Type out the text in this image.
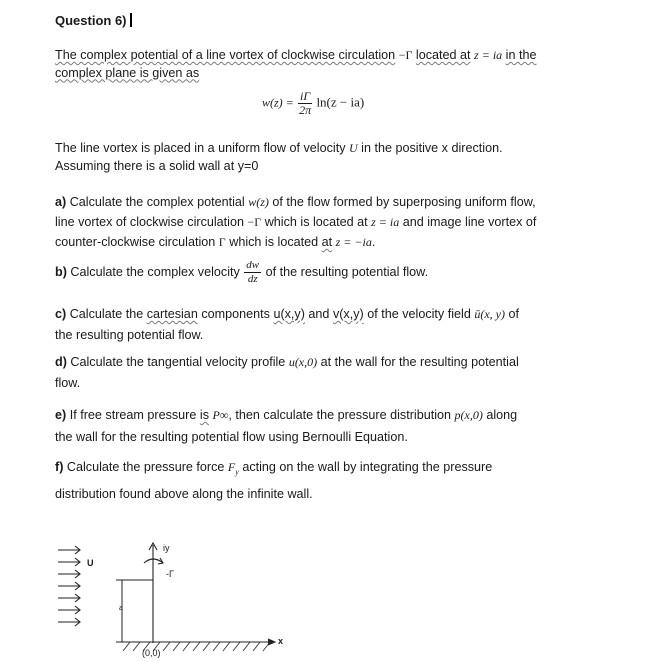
Question 6)
The complex potential of a line vortex of clockwise circulation −Γ located at z = ia in the
complex plane is given as
$w(z) = \frac{i\Gamma}{2\pi} \ln(z - ia)$
The line vortex is placed in a uniform flow of velocity U in the positive x direction.
Assuming there is a solid wall at y=0
a) Calculate the complex potential w(z) of the flow formed by superposing uniform flow,
line vortex of clockwise circulation −Γ which is located at z = ia and image line vortex of
counter-clockwise circulation Γ which is located at z = −ia.
b) Calculate the complex velocity $\frac{dw}{dz}$ of the resulting potential flow.
c) Calculate the cartesian components u(x,y) and v(x,y) of the velocity field ū(x, y) of
the resulting potential flow.
d) Calculate the tangential velocity profile u(x,0) at the wall for the resulting potential
flow.
e) If free stream pressure is P∞, then calculate the pressure distribution p(x,0) along
the wall for the resulting potential flow using Bernoulli Equation.
f) Calculate the pressure force $F_y$ acting on the wall by integrating the pressure
distribution found above along the infinite wall.
iy
-Γ
U
a
(0,0)
x
